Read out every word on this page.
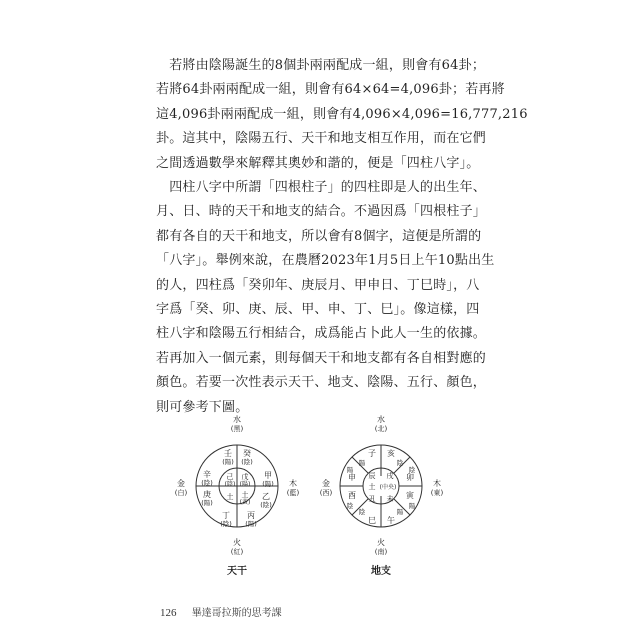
　若將由陰陽誕生的8個卦兩兩配成一組，則會有64卦；
若將64卦兩兩配成一組，則會有64×64=4,096卦；若再將
這4,096卦兩兩配成一組，則會有4,096×4,096=16,777,216
卦。這其中，陰陽五行、天干和地支相互作用，而在它們
之間透過數學來解釋其奧妙和諧的，便是「四柱八字」。

　四柱八字中所謂「四根柱子」的四柱即是人的出生年、
月、日、時的天干和地支的結合。不過因爲「四根柱子」
都有各自的天干和地支，所以會有8個字，這便是所謂的
「八字」。舉例來說，在農曆2023年1月5日上午10點出生
的人，四柱爲「癸卯年、庚辰月、甲申日、丁巳時」，八
字爲「癸、卯、庚、辰、甲、申、丁、巳」。像這樣，四
柱八字和陰陽五行相結合，成爲能占卜此人一生的依據。
若再加入一個元素，則每個天干和地支都有各自相對應的
顏色。若要一次性表示天干、地支、陰陽、五行、顏色，
則可參考下圖。

水
(黑)
火
(紅)
金
(白)
木
(藍)
壬
(陽)
癸
(陰)
甲
(陽)
乙
(陰)
丙
(陽)
丁
(陰)
庚
(陽)
辛
(陰)
己
(陰)
戊
(陽)
土
(黃)
土
天干
水
(北)
火
(南)
金
(西)
木
(東)
子 亥
卯
寅
午
巳
酉
申
陽	陰
陰
陽
陽
陰
陰
陽
辰 戌
丑 未
土 (中央)
地支
126 畢達哥拉斯的思考課
